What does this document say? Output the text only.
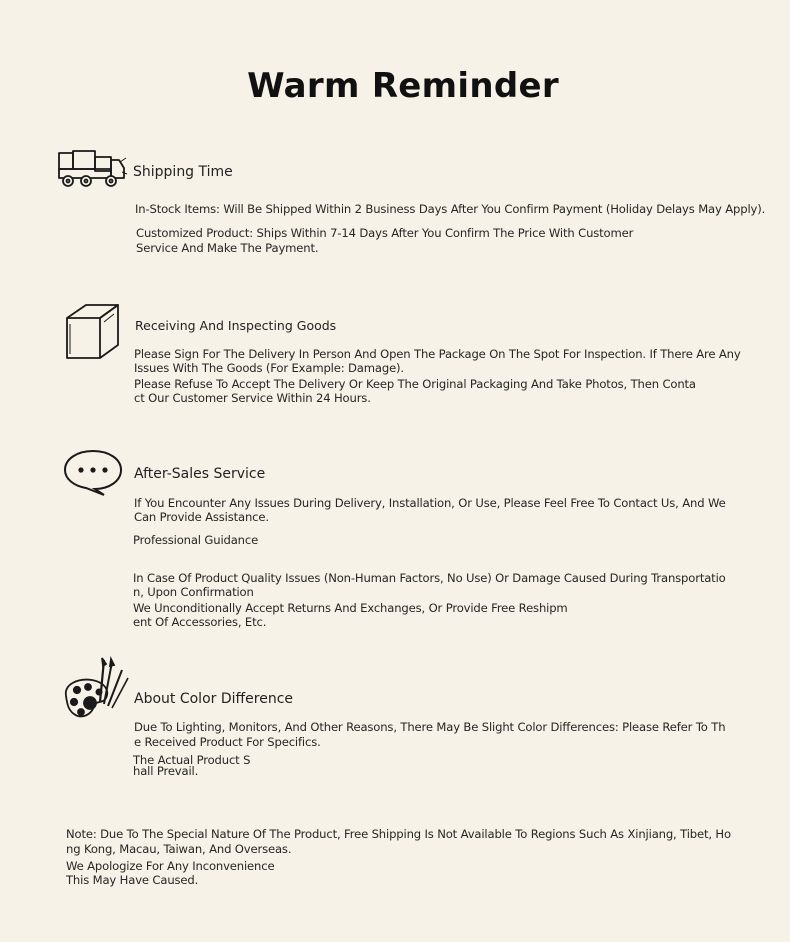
Warm Reminder
Shipping Time
In-Stock Items: Will Be Shipped Within 2 Business Days After You Confirm Payment (Holiday Delays May Apply).
Customized Product: Ships Within 7-14 Days After You Confirm The Price With Customer
Service And Make The Payment.
Receiving And Inspecting Goods
Please Sign For The Delivery In Person And Open The Package On The Spot For Inspection. If There Are Any
Issues With The Goods (For Example: Damage).
Please Refuse To Accept The Delivery Or Keep The Original Packaging And Take Photos, Then Conta
ct Our Customer Service Within 24 Hours.
After-Sales Service
If You Encounter Any Issues During Delivery, Installation, Or Use, Please Feel Free To Contact Us, And We
Can Provide Assistance.
Professional Guidance
In Case Of Product Quality Issues (Non-Human Factors, No Use) Or Damage Caused During Transportatio
n, Upon Confirmation
We Unconditionally Accept Returns And Exchanges, Or Provide Free Reshipm
ent Of Accessories, Etc.
About Color Difference
Due To Lighting, Monitors, And Other Reasons, There May Be Slight Color Differences: Please Refer To Th
e Received Product For Specifics.
The Actual Product S
hall Prevail.
Note: Due To The Special Nature Of The Product, Free Shipping Is Not Available To Regions Such As Xinjiang, Tibet, Ho
ng Kong, Macau, Taiwan, And Overseas.
We Apologize For Any Inconvenience
This May Have Caused.
